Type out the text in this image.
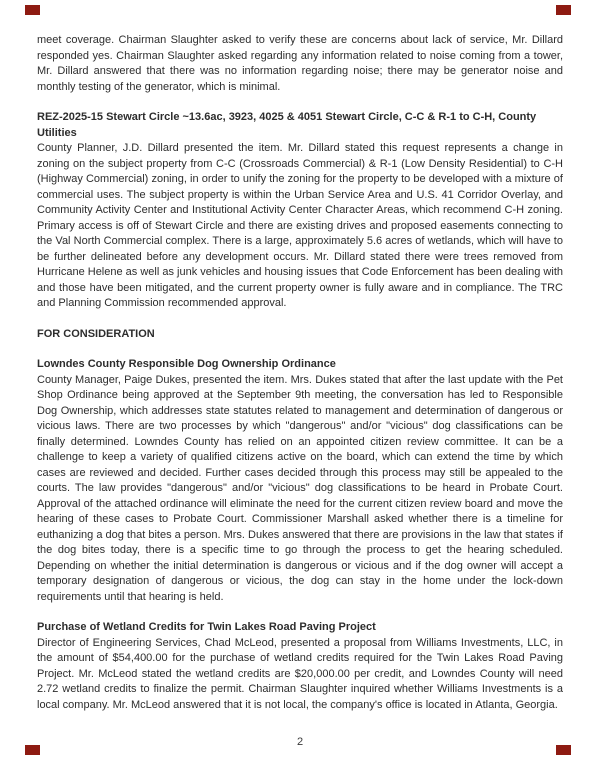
meet coverage. Chairman Slaughter asked to verify these are concerns about lack of service, Mr. Dillard responded yes. Chairman Slaughter asked regarding any information related to noise coming from a tower, Mr. Dillard answered that there was no information regarding noise; there may be generator noise and monthly testing of the generator, which is minimal.

REZ-2025-15 Stewart Circle ~13.6ac, 3923, 4025 & 4051 Stewart Circle, C-C & R-1 to C-H, County Utilities

County Planner, J.D. Dillard presented the item. Mr. Dillard stated this request represents a change in zoning on the subject property from C-C (Crossroads Commercial) & R-1 (Low Density Residential) to C-H (Highway Commercial) zoning, in order to unify the zoning for the property to be developed with a mixture of commercial uses. The subject property is within the Urban Service Area and U.S. 41 Corridor Overlay, and Community Activity Center and Institutional Activity Center Character Areas, which recommend C-H zoning. Primary access is off of Stewart Circle and there are existing drives and proposed easements connecting to the Val North Commercial complex. There is a large, approximately 5.6 acres of wetlands, which will have to be further delineated before any development occurs. Mr. Dillard stated there were trees removed from Hurricane Helene as well as junk vehicles and housing issues that Code Enforcement has been dealing with and those have been mitigated, and the current property owner is fully aware and in compliance. The TRC and Planning Commission recommended approval.

FOR CONSIDERATION

Lowndes County Responsible Dog Ownership Ordinance

County Manager, Paige Dukes, presented the item. Mrs. Dukes stated that after the last update with the Pet Shop Ordinance being approved at the September 9th meeting, the conversation has led to Responsible Dog Ownership, which addresses state statutes related to management and determination of dangerous or vicious laws. There are two processes by which "dangerous" and/or "vicious" dog classifications can be finally determined. Lowndes County has relied on an appointed citizen review committee. It can be a challenge to keep a variety of qualified citizens active on the board, which can extend the time by which cases are reviewed and decided. Further cases decided through this process may still be appealed to the courts. The law provides "dangerous" and/or "vicious" dog classifications to be heard in Probate Court. Approval of the attached ordinance will eliminate the need for the current citizen review board and move the hearing of these cases to Probate Court. Commissioner Marshall asked whether there is a timeline for euthanizing a dog that bites a person. Mrs. Dukes answered that there are provisions in the law that states if the dog bites today, there is a specific time to go through the process to get the hearing scheduled. Depending on whether the initial determination is dangerous or vicious and if the dog owner will accept a temporary designation of dangerous or vicious, the dog can stay in the home under the lock-down requirements until that hearing is held.

Purchase of Wetland Credits for Twin Lakes Road Paving Project

Director of Engineering Services, Chad McLeod, presented a proposal from Williams Investments, LLC, in the amount of $54,400.00 for the purchase of wetland credits required for the Twin Lakes Road Paving Project. Mr. McLeod stated the wetland credits are $20,000.00 per credit, and Lowndes County will need 2.72 wetland credits to finalize the permit. Chairman Slaughter inquired whether Williams Investments is a local company. Mr. McLeod answered that it is not local, the company's office is located in Atlanta, Georgia.

2
